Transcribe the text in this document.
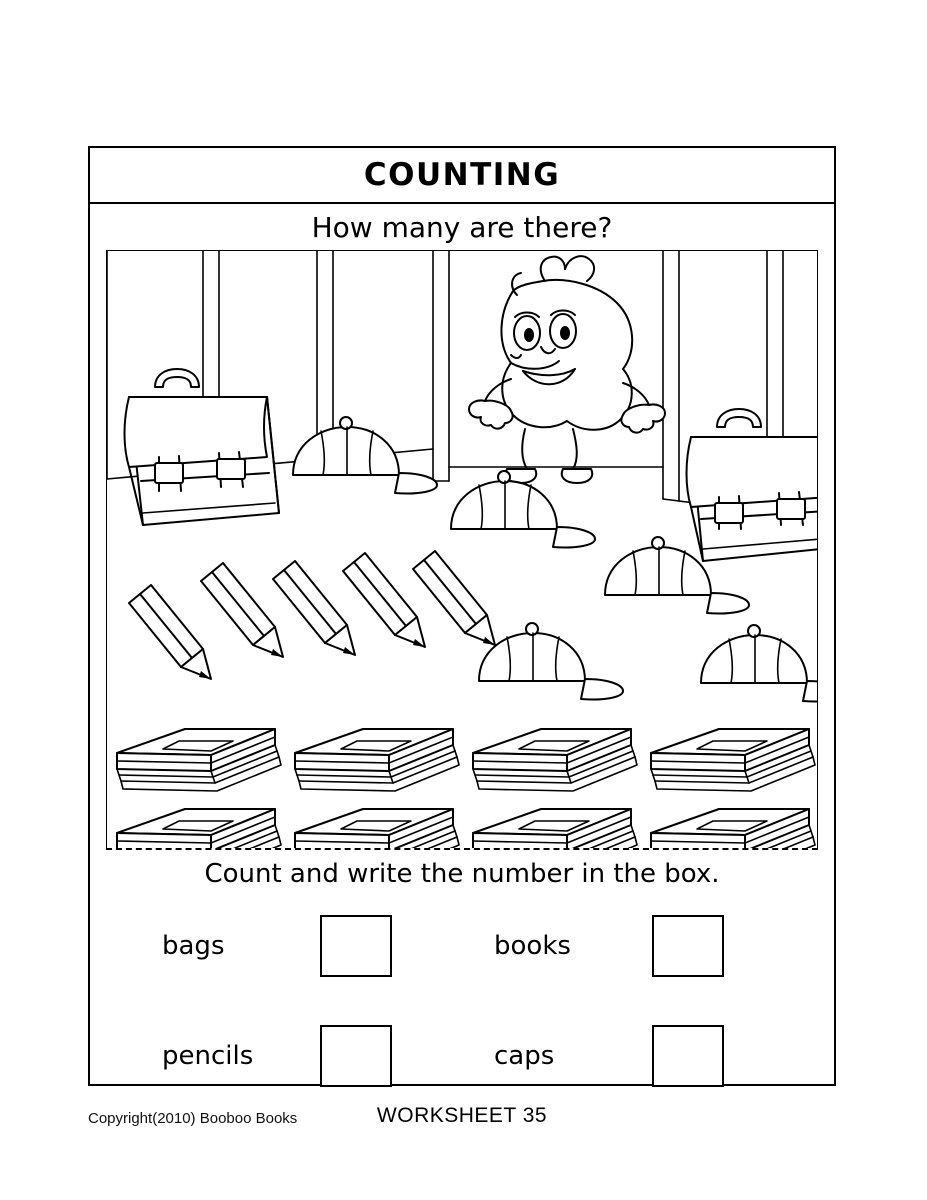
COUNTING
How many are there?
Count and write the number in the box.
bags	books
pencils	caps
WORKSHEET 35
Copyright(2010) Booboo Books
